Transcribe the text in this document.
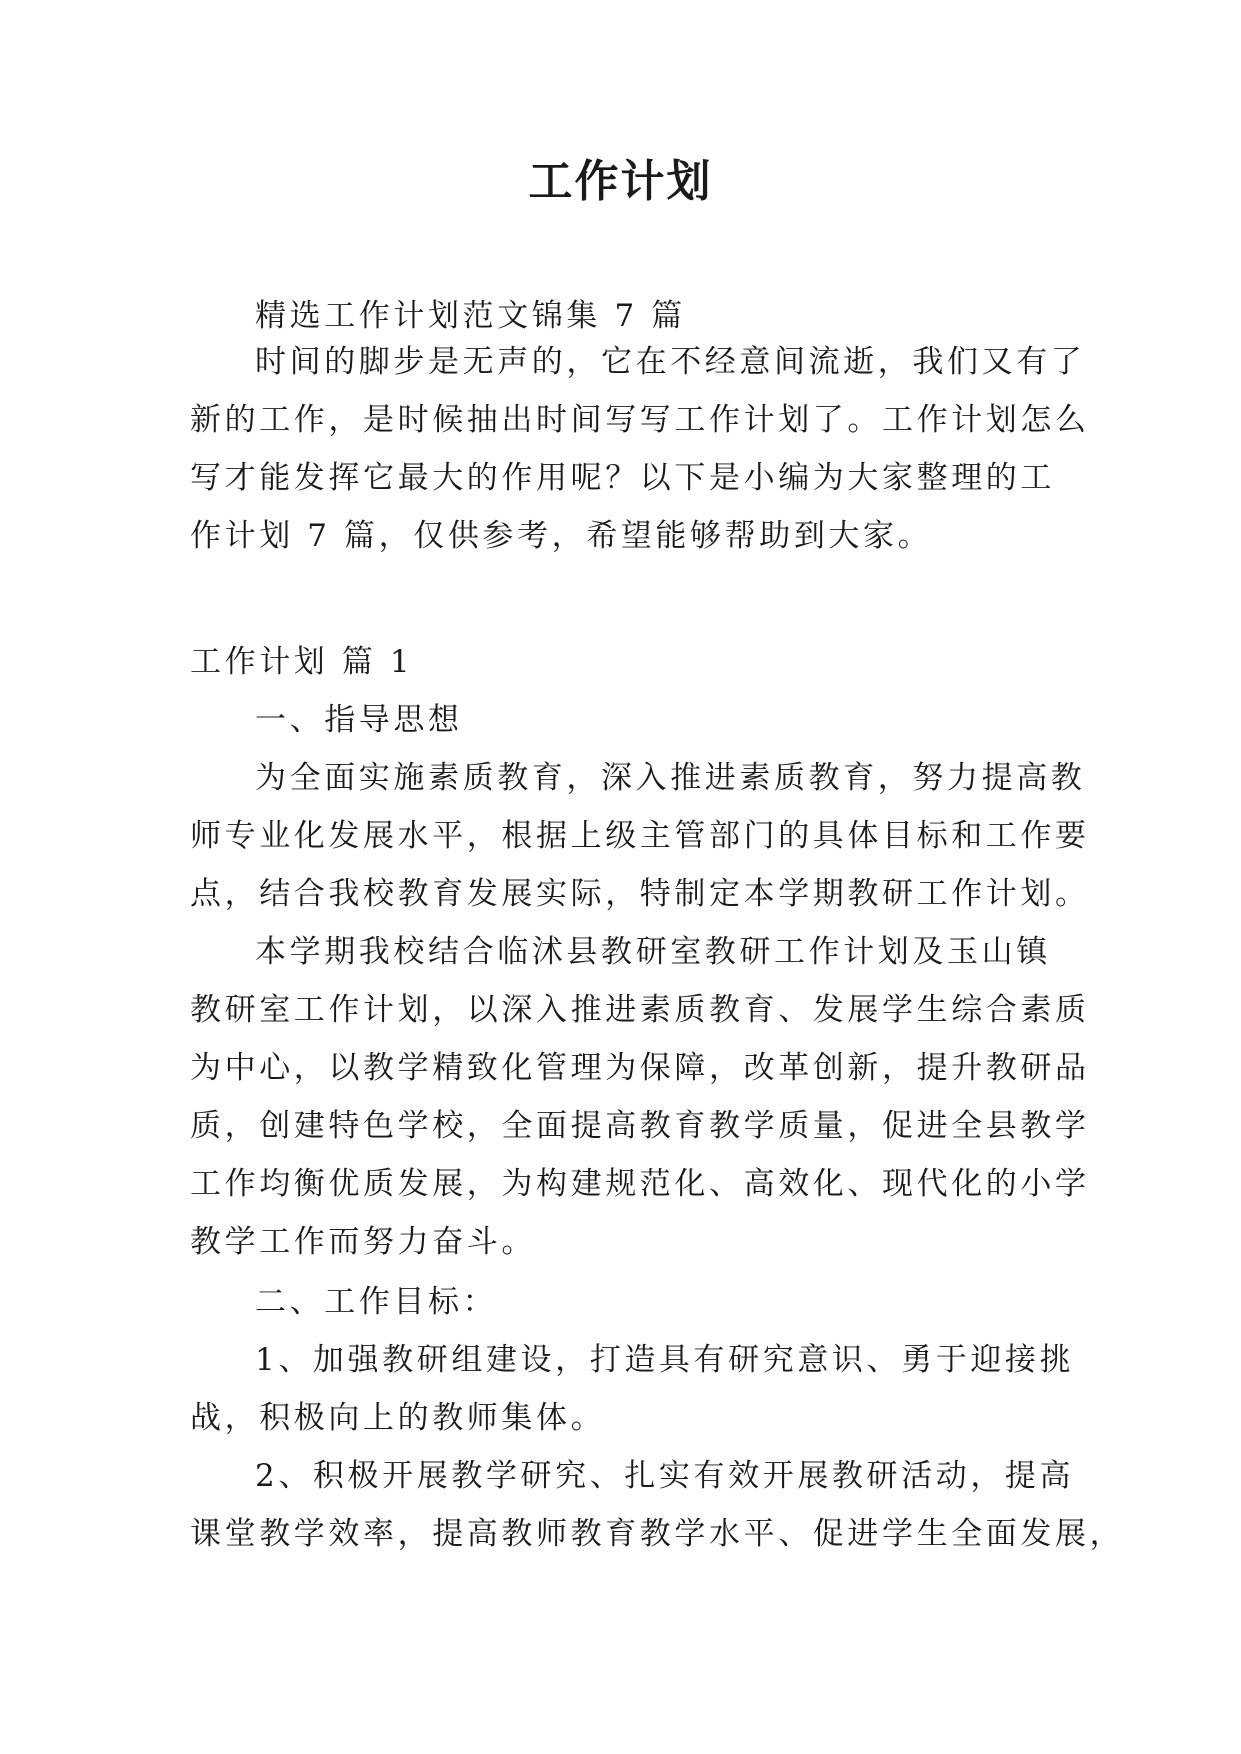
工作计划
精选工作计划范文锦集 7 篇
时间的脚步是无声的，它在不经意间流逝，我们又有了
新的工作，是时候抽出时间写写工作计划了。工作计划怎么
写才能发挥它最大的作用呢？以下是小编为大家整理的工
作计划 7 篇，仅供参考，希望能够帮助到大家。
工作计划 篇 1
一、指导思想
为全面实施素质教育，深入推进素质教育，努力提高教
师专业化发展水平，根据上级主管部门的具体目标和工作要
点，结合我校教育发展实际，特制定本学期教研工作计划。
本学期我校结合临沭县教研室教研工作计划及玉山镇
教研室工作计划，以深入推进素质教育、发展学生综合素质
为中心，以教学精致化管理为保障，改革创新，提升教研品
质，创建特色学校，全面提高教育教学质量，促进全县教学
工作均衡优质发展，为构建规范化、高效化、现代化的小学
教学工作而努力奋斗。
二、工作目标：
1、加强教研组建设，打造具有研究意识、勇于迎接挑
战，积极向上的教师集体。
2、积极开展教学研究、扎实有效开展教研活动，提高
课堂教学效率，提高教师教育教学水平、促进学生全面发展，
